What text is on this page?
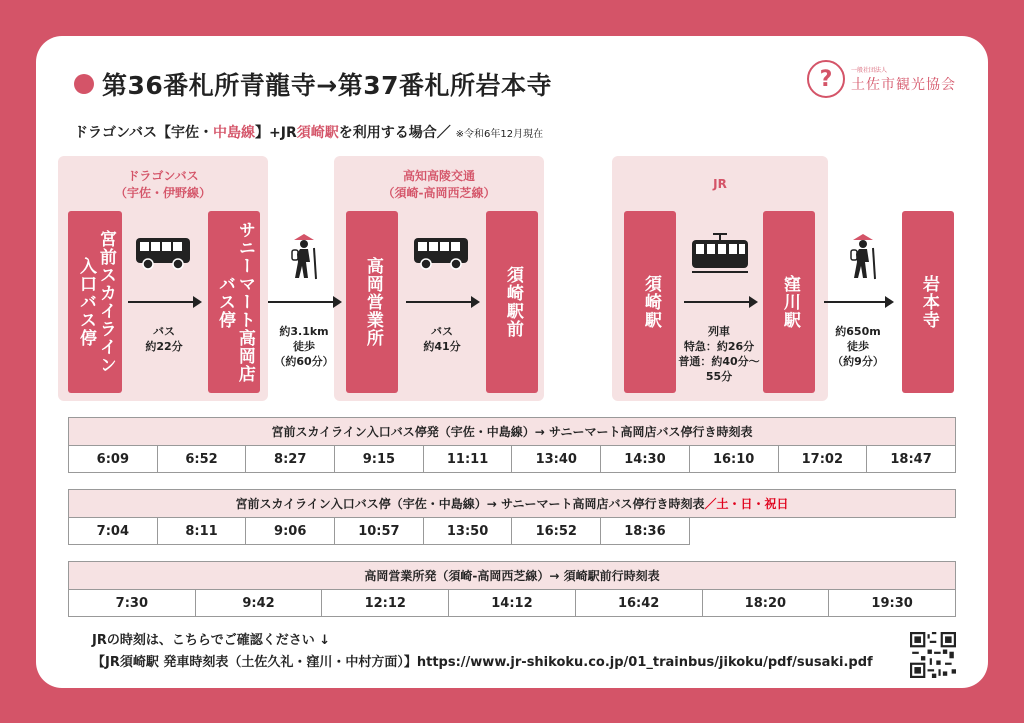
第36番札所青龍寺→第37番札所岩本寺	?	一般社団法人
土佐市観光協会
ドラゴンバス【宇佐・中島線】+JR須崎駅を利用する場合／ ※令和6年12月現在
ドラゴンバス
（宇佐・伊野線）
高知高陵交通
（須崎-高岡西芝線）
JR
宮前スカイライン
入口バス停	サニーマート高岡店
バス停	高岡営業所	須崎駅前	須崎駅	窪川駅	岩本寺
バス
約22分
約3.1km
徒歩
（約60分）
バス
約41分
列車
特急：約26分
普通：約40分～
55分
約650m
徒歩
（約9分）
宮前スカイライン入口バス停発（宇佐・中島線）→ サニーマート高岡店バス停行き時刻表
6:09	6:52	8:27	9:15	11:11	13:40	14:30	16:10	17:02	18:47
宮前スカイライン入口バス停（宇佐・中島線）→ サニーマート高岡店バス停行き時刻表／土・日・祝日
7:04	8:11	9:06	10:57	13:50	16:52	18:36			
高岡営業所発（須崎-高岡西芝線）→ 須崎駅前行時刻表
7:30	9:42	12:12	14:12	16:42	18:20	19:30
JRの時刻は、こちらでご確認ください ↓
【JR須崎駅 発車時刻表（土佐久礼・窪川・中村方面）】https://www.jr-shikoku.co.jp/01_trainbus/jikoku/pdf/susaki.pdf
